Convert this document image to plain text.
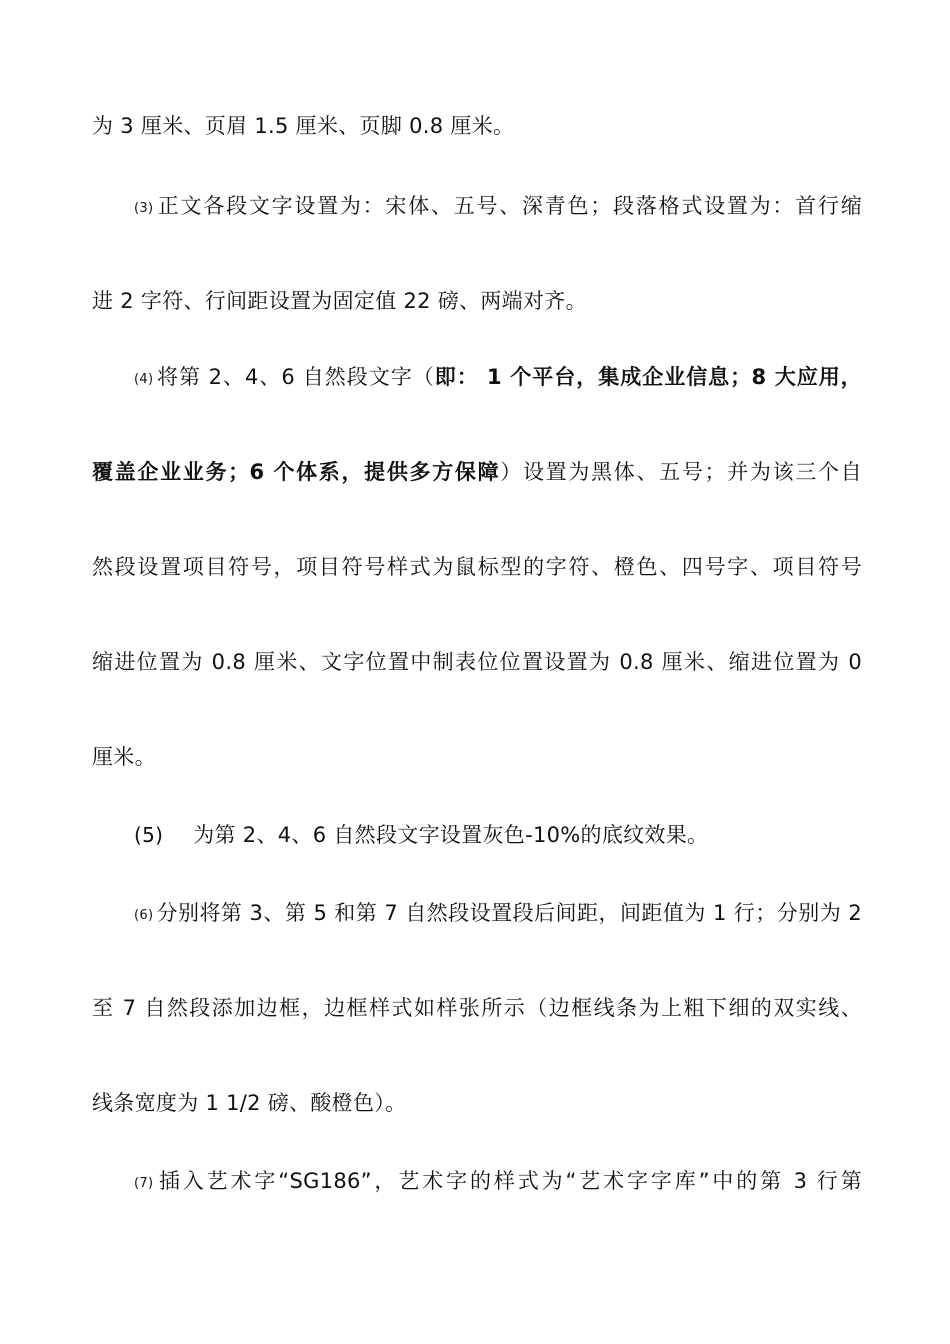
为 3 厘米、页眉 1.5 厘米、页脚 0.8 厘米。
(3) 正文各段文字设置为：宋体、五号、深青色；段落格式设置为：首行缩
进 2 字符、行间距设置为固定值 22 磅、两端对齐。
(4) 将第 2、4、6 自然段文字（即： 1 个平台，集成企业信息；8 大应用，
覆盖企业业务；6 个体系，提供多方保障）设置为黑体、五号；并为该三个自
然段设置项目符号，项目符号样式为鼠标型的字符、橙色、四号字、项目符号
缩进位置为 0.8 厘米、文字位置中制表位位置设置为 0.8 厘米、缩进位置为 0
厘米。
(5) 为第 2、4、6 自然段文字设置灰色-10%的底纹效果。
(6) 分别将第 3、第 5 和第 7 自然段设置段后间距，间距值为 1 行；分别为 2
至 7 自然段添加边框，边框样式如样张所示（边框线条为上粗下细的双实线、
线条宽度为 1 1/2 磅、酸橙色）。
(7) 插入艺术字“SG186”，艺术字的样式为“艺术字字库”中的第 3 行第
